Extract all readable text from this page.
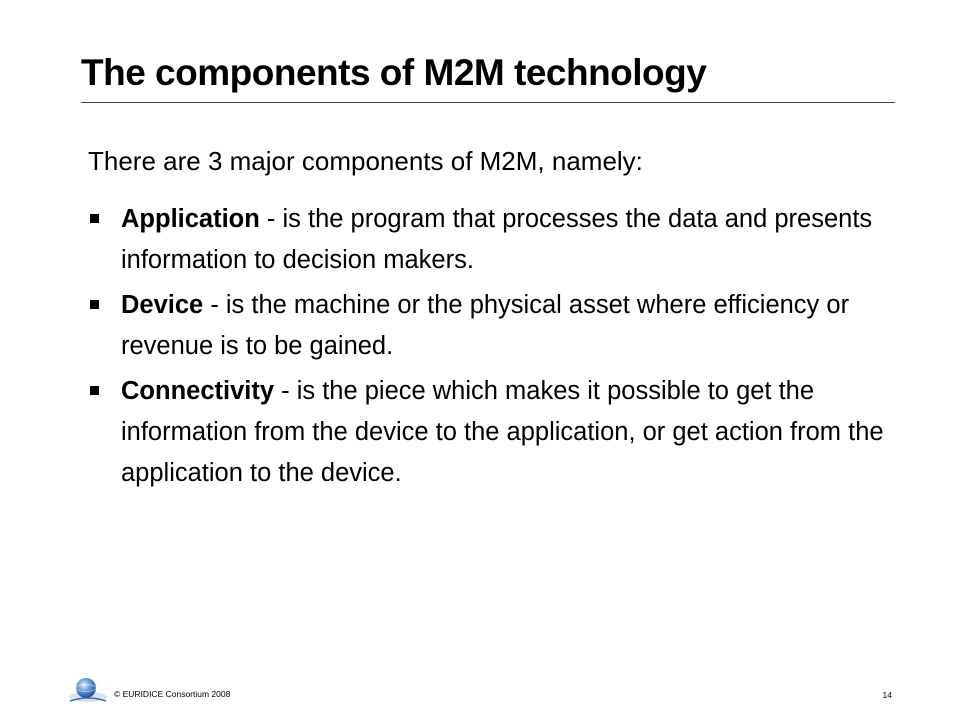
The components of M2M technology
There are 3 major components of M2M, namely:
Application - is the program that processes the data and presents information to decision makers.
Device - is the machine or the physical asset where efficiency or revenue is to be gained.
Connectivity - is the piece which makes it possible to get the information from the device to the application, or get action from the application to the device.
© EURIDICE Consortium 2008	14
